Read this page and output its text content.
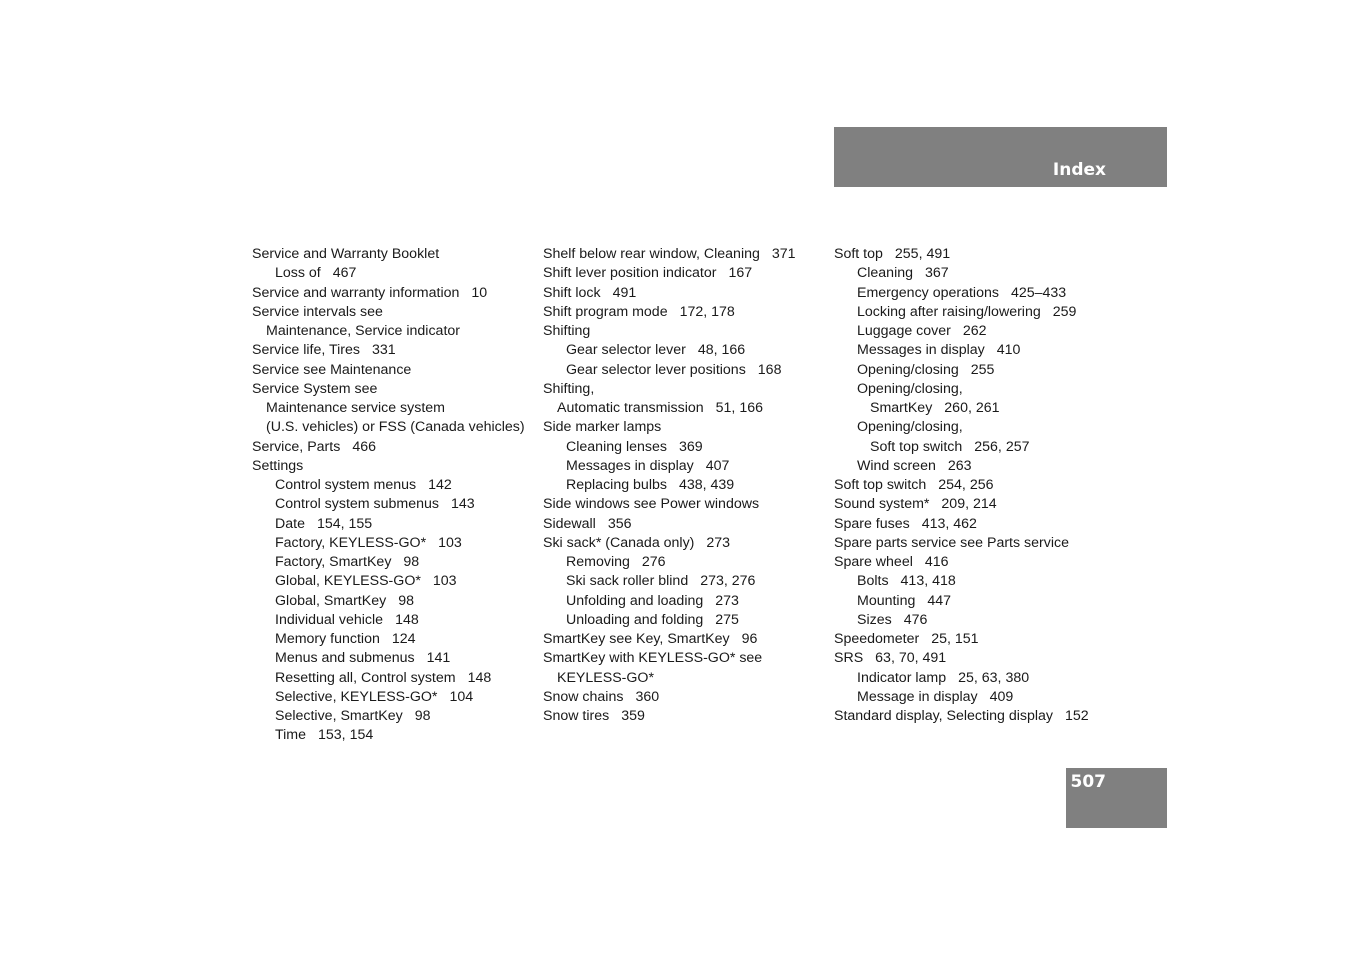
Index
507
Service and Warranty Booklet
Loss of 467
Service and warranty information 10
Service intervals see
Maintenance, Service indicator
Service life, Tires 331
Service see Maintenance
Service System see
Maintenance service system
(U.S. vehicles) or FSS (Canada vehicles)
Service, Parts 466
Settings
Control system menus 142
Control system submenus 143
Date 154, 155
Factory, KEYLESS-GO* 103
Factory, SmartKey 98
Global, KEYLESS-GO* 103
Global, SmartKey 98
Individual vehicle 148
Memory function 124
Menus and submenus 141
Resetting all, Control system 148
Selective, KEYLESS-GO* 104
Selective, SmartKey 98
Time 153, 154
Shelf below rear window, Cleaning 371
Shift lever position indicator 167
Shift lock 491
Shift program mode 172, 178
Shifting
Gear selector lever 48, 166
Gear selector lever positions 168
Shifting,
Automatic transmission 51, 166
Side marker lamps
Cleaning lenses 369
Messages in display 407
Replacing bulbs 438, 439
Side windows see Power windows
Sidewall 356
Ski sack* (Canada only) 273
Removing 276
Ski sack roller blind 273, 276
Unfolding and loading 273
Unloading and folding 275
SmartKey see Key, SmartKey 96
SmartKey with KEYLESS-GO* see
KEYLESS-GO*
Snow chains 360
Snow tires 359
Soft top 255, 491
Cleaning 367
Emergency operations 425–433
Locking after raising/lowering 259
Luggage cover 262
Messages in display 410
Opening/closing 255
Opening/closing,
SmartKey 260, 261
Opening/closing,
Soft top switch 256, 257
Wind screen 263
Soft top switch 254, 256
Sound system* 209, 214
Spare fuses 413, 462
Spare parts service see Parts service
Spare wheel 416
Bolts 413, 418
Mounting 447
Sizes 476
Speedometer 25, 151
SRS 63, 70, 491
Indicator lamp 25, 63, 380
Message in display 409
Standard display, Selecting display 152
